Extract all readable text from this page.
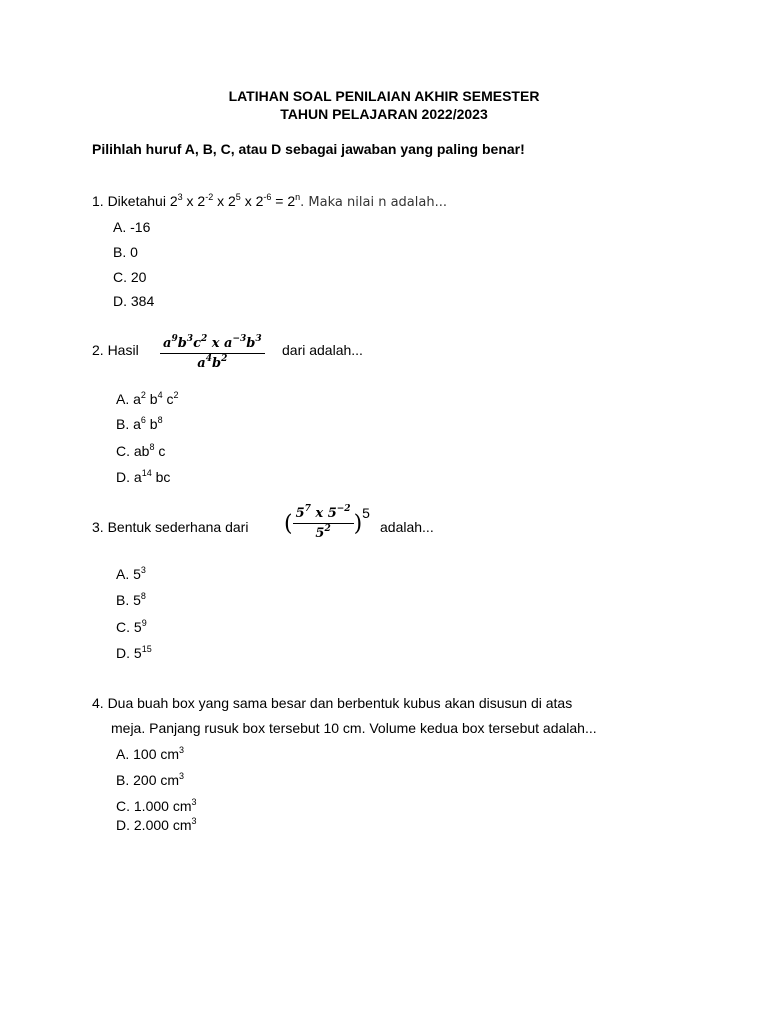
LATIHAN SOAL PENILAIAN AKHIR SEMESTER
TAHUN PELAJARAN 2022/2023
Pilihlah huruf A, B, C, atau D sebagai jawaban yang paling benar!
1. Diketahui $2^3$ x $2^{-2}$ x $2^5$ x $2^{-6} = 2^n$. Maka nilai n adalah...
A. -16
B. 0
C. 20
D. 384
2. Hasil $\frac{a^9b^3c^2 x a^{-3}b^3}{a^4b^2}$ dari adalah...
A. $a^2$ $b^4$ $c^2$
B. $a^6$ $b^8$
C. $ab^8$ c
D. $a^{14}$ bc
3. Bentuk sederhana dari ( $\frac{5^7 x 5^{-2}}{5^2} )5$
adalah...
A. $5^3$
B. $5^8$
C. $5^9$
D. $5^{15}$
4. Dua buah box yang sama besar dan berbentuk kubus akan disusun di atas
meja. Panjang rusuk box tersebut 10 cm. Volume kedua box tersebut adalah...
A. 100 $cm^3$
B. 200 $cm^3$
C. 1.000 $cm^3$
D. 2.000 $cm^3$
